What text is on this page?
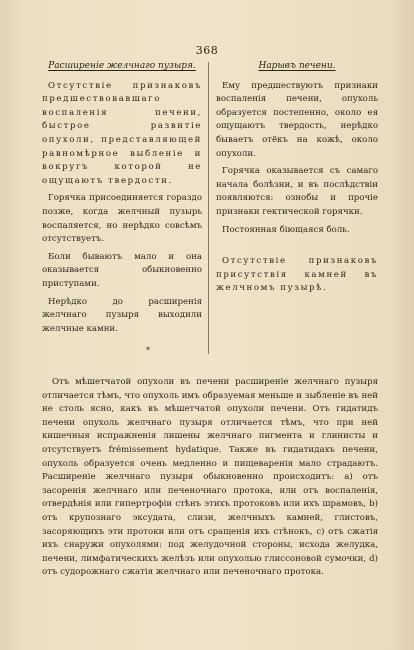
368

Расширеніе желчнаго пузыря.

Отсутствіе признаковъ предшествовавшаго воспаленія печени, быстрое развитіе опухоли, представляющей равномѣрное выбленіе и вокругъ которой не ощущаютъ твердости.

Горячка присоединяется гораздо позже, когда желчный пузырь воспаляется, но нерѣдко совсѣмъ отсутствуетъ.

Боли бываютъ мало и она оказывается обыкновенно приступами.

Нерѣдко до расширенія желчнаго пузыря выходили желчные камни.

Нарывъ печени.

Ему предшествуютъ признаки воспаленія печени, опухоль образуется постепенно, около ея ощущаютъ твердость, нерѣдко бываетъ отёкъ на кожѣ, около опухоли.

Горячка оказывается съ самаго начала болѣзни, и въ послѣдствіи появляются: ознобы и прочіе признаки гектической горячки.

Постоянная біющаяся боль.

Отсутствіе признаковъ присутствія камней въ желчномъ пузырѣ.

*

Отъ мѣшетчатой опухоли въ печени расширеніе желчнаго пузыря отличается тѣмъ, что опухоль имъ образуемая меньше и зыбленіе въ ней не столь ясно, какъ въ мѣшетчатой опухоли печени. Отъ гидатидъ печени опухоль желчнаго пузыря отличается тѣмъ, что при ней кишечныя испражненія лишены желчнаго пигмента и глинисты и отсутствуетъ frémissement hydatique. Также въ гидатидахъ печени, опухоль образуется очень медленно и пищеваренія мало страдаютъ. Расширеніе желчнаго пузыря обыкновенно происходитъ: а) отъ засоренія желчнаго или печеночнаго протока, или отъ воспаленія, отвердѣнія или гипертрофіи стѣнъ этихъ протоковъ или ихъ шрамовъ, b) отъ крупознаго эксудата, слизи, желчныхъ камней, глистовъ, засоряющихъ эти протоки или отъ сращенія ихъ стѣнокъ, c) отъ сжатія ихъ снаружи опухолями: под желудочной стороны, исхода желудка, печени, лимфатическихъ желѣзъ или опухолью глиссоновой сумочки, d) отъ судорожнаго сжатія желчнаго или печеночнаго протока.
